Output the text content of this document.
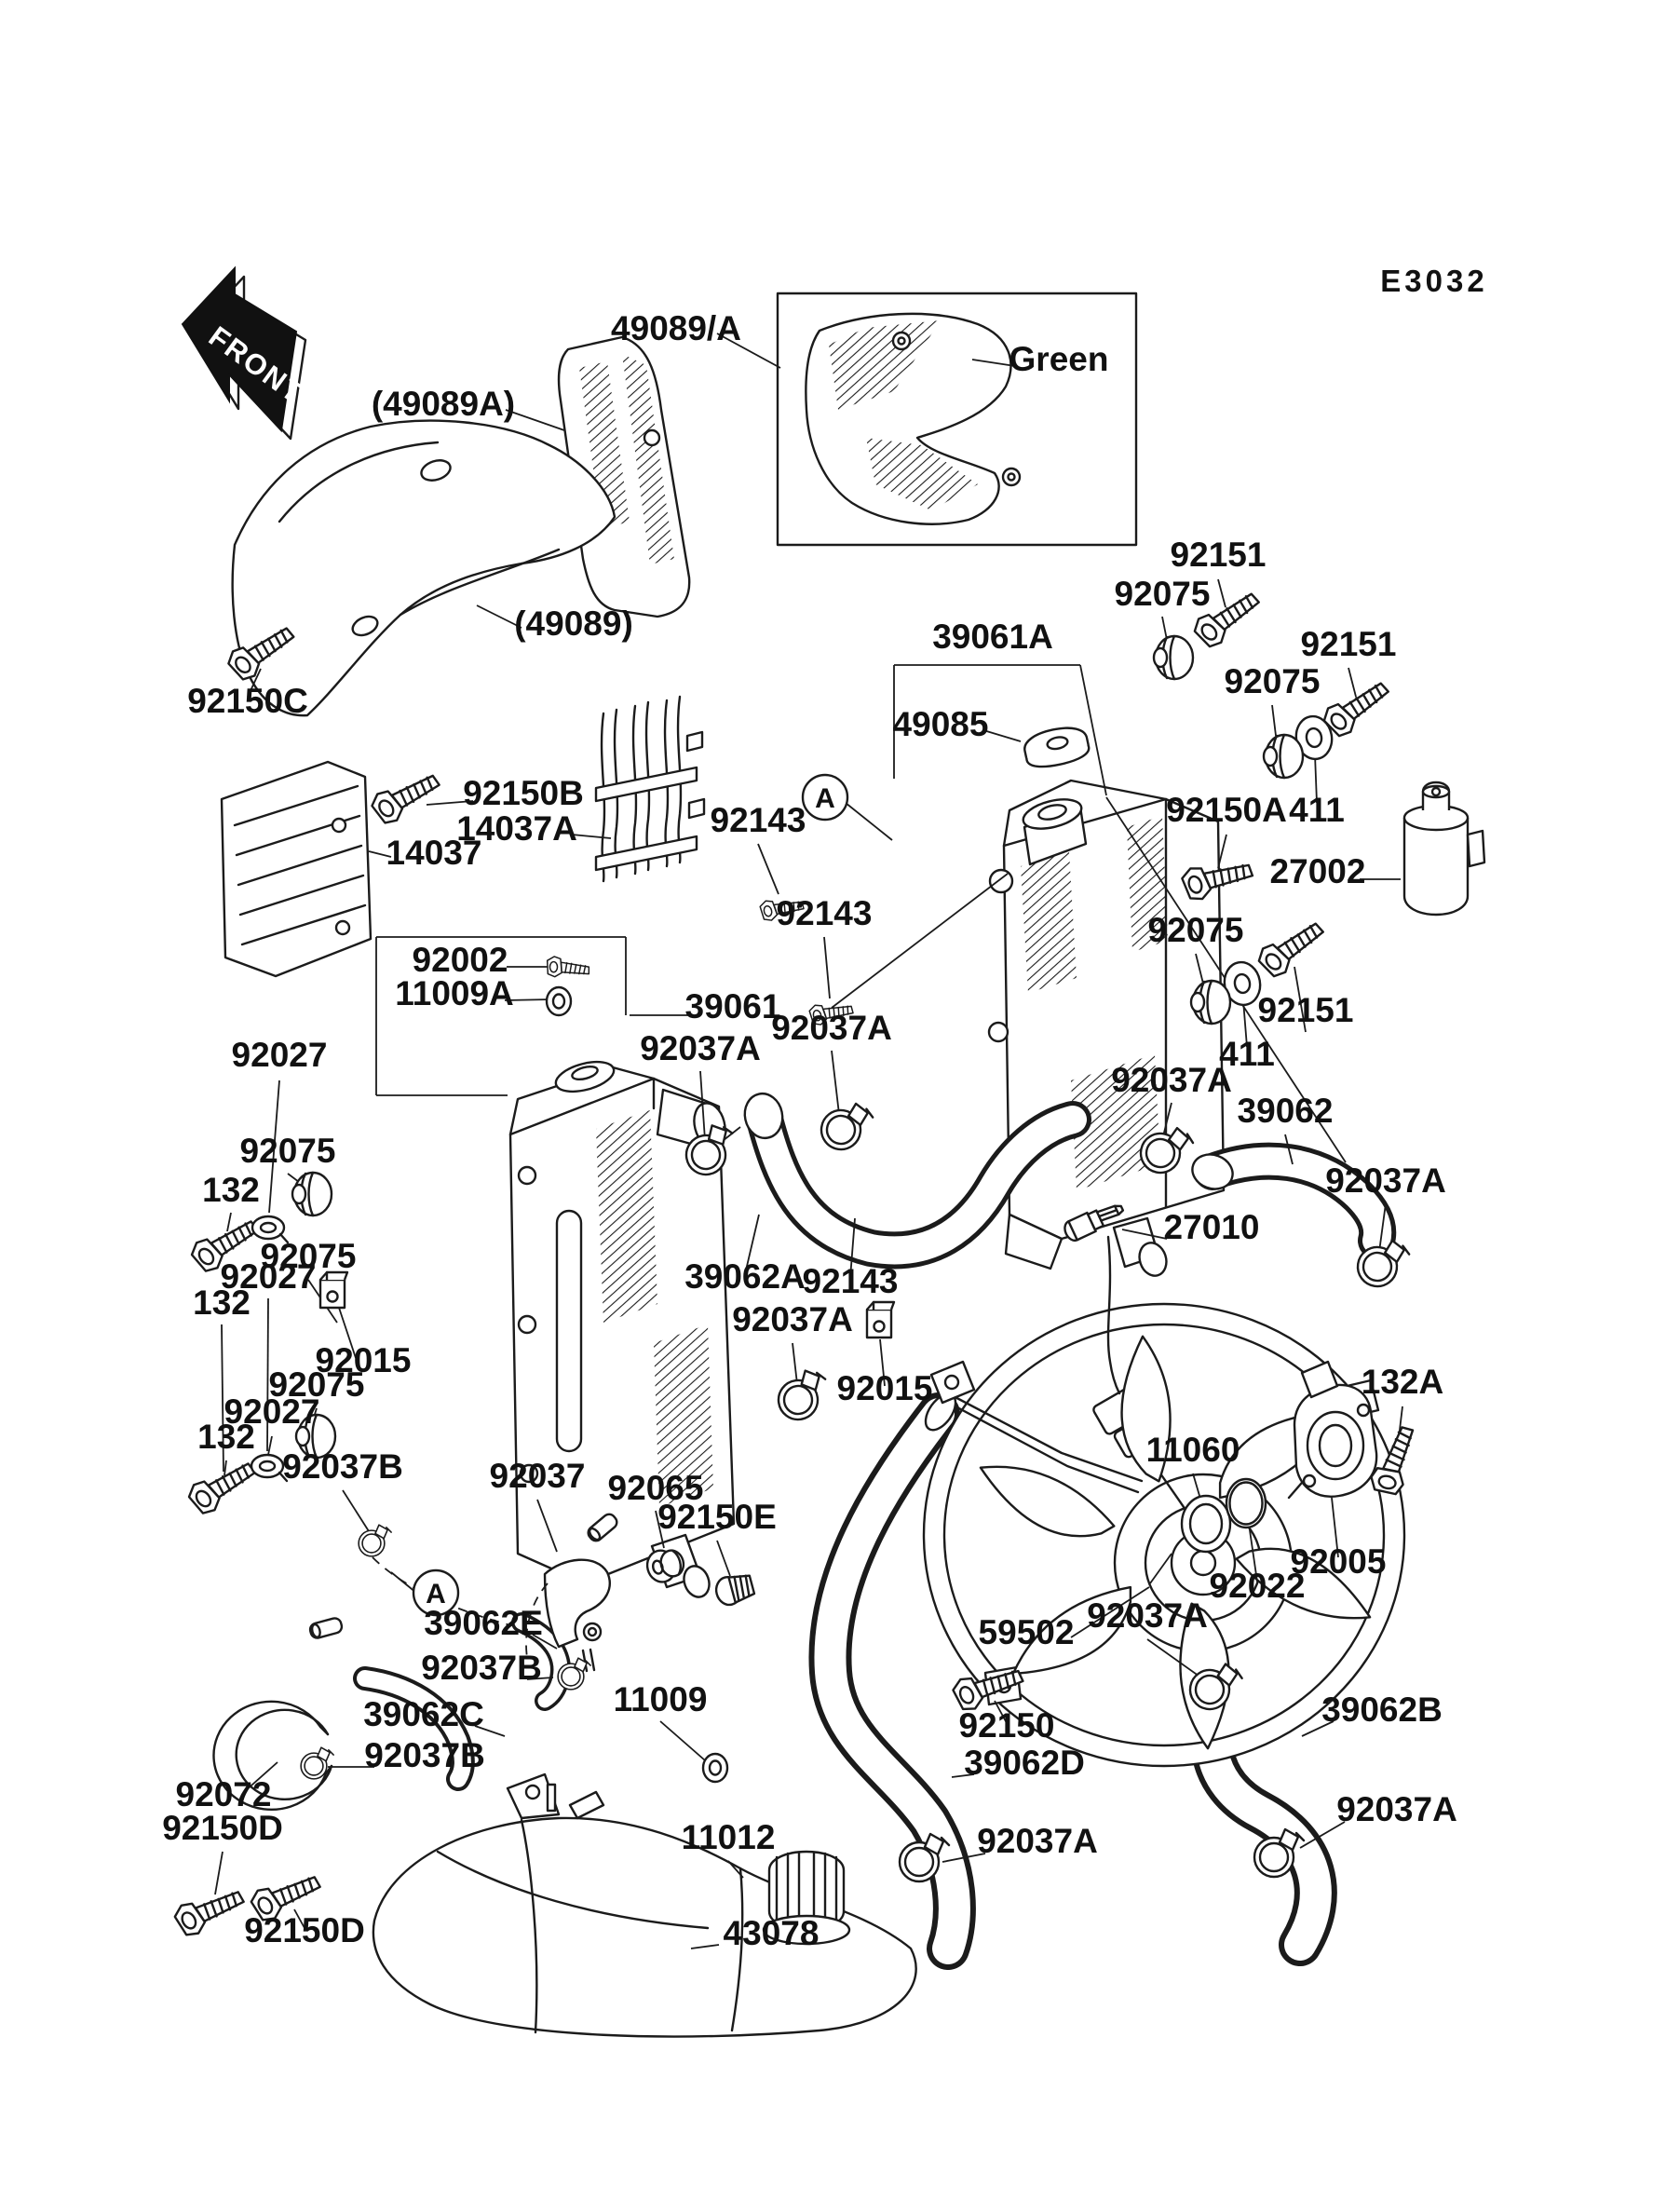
FRONT
E3032
A
A
49089/A
Green
(49089A)
(49089)
92150C
92150B
14037A
14037
92151
92075
92151
92075
39061A
49085
92143	92150A 411
27002
92143
92002
11009A
92075
39061
92037A
92037A
92151
411
92027
92037A
39062
92075
132	92037A
27010
92075
92027	39062A
92143
132	92037A
92015
92075	92015
92027
132
92037B	92037 92065
92150E
132A
11060
92005
92022
39062E	92037A
59502
92037B
11009	39062B
39062C	92150
92037B	39062D
92072	92037A
92150D	11012	92037A
92150D	43078
